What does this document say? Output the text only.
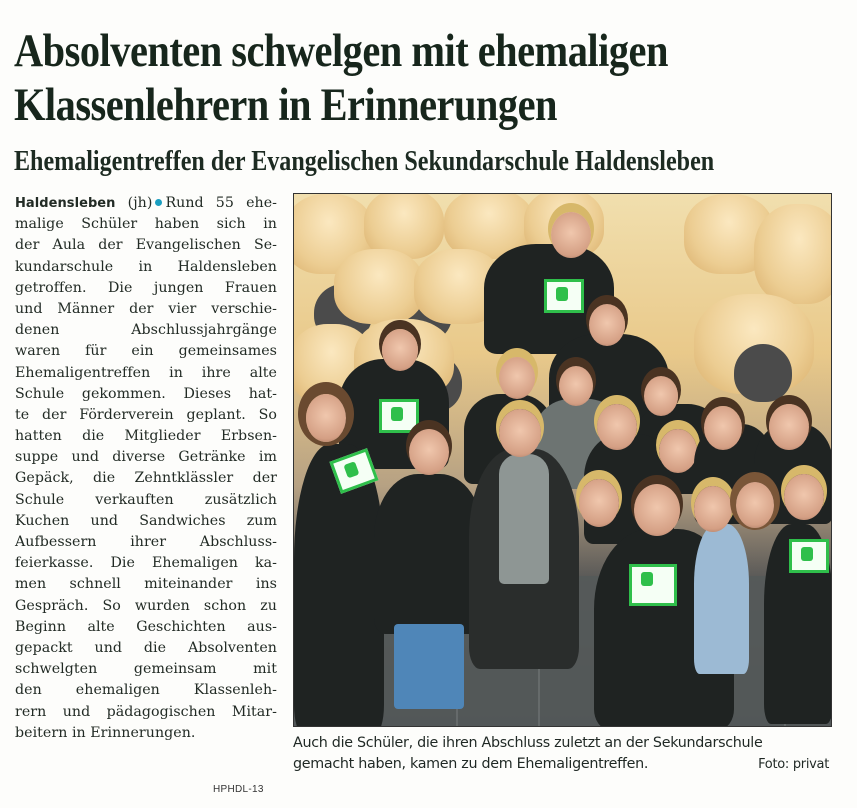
Absolventen schwelgen mit ehemaligen
Klassenlehrern in Erinnerungen
Ehemaligentreffen der Evangelischen Sekundarschule Haldensleben
Haldensleben (jh) Rund 55 ehe-
malige Schüler haben sich in
der Aula der Evangelischen Se-
kundarschule in Haldensleben
getroffen. Die jungen Frauen
und Männer der vier verschie-
denen Abschlussjahrgänge
waren für ein gemeinsames
Ehemaligentreffen in ihre alte
Schule gekommen. Dieses hat-
te der Förderverein geplant. So
hatten die Mitglieder Erbsen-
suppe und diverse Getränke im
Gepäck, die Zehntklässler der
Schule verkauften zusätzlich
Kuchen und Sandwiches zum
Aufbessern ihrer Abschluss-
feierkasse. Die Ehemaligen ka-
men schnell miteinander ins
Gespräch. So wurden schon zu
Beginn alte Geschichten aus-
gepackt und die Absolventen
schwelgten gemeinsam mit
den ehemaligen Klassenleh-
rern und pädagogischen Mitar-
beitern in Erinnerungen.
Auch die Schüler, die ihren Abschluss zuletzt an der Sekundarschule
gemacht haben, kamen zu dem Ehemaligentreffen.	Foto: privat
HPHDL-13
